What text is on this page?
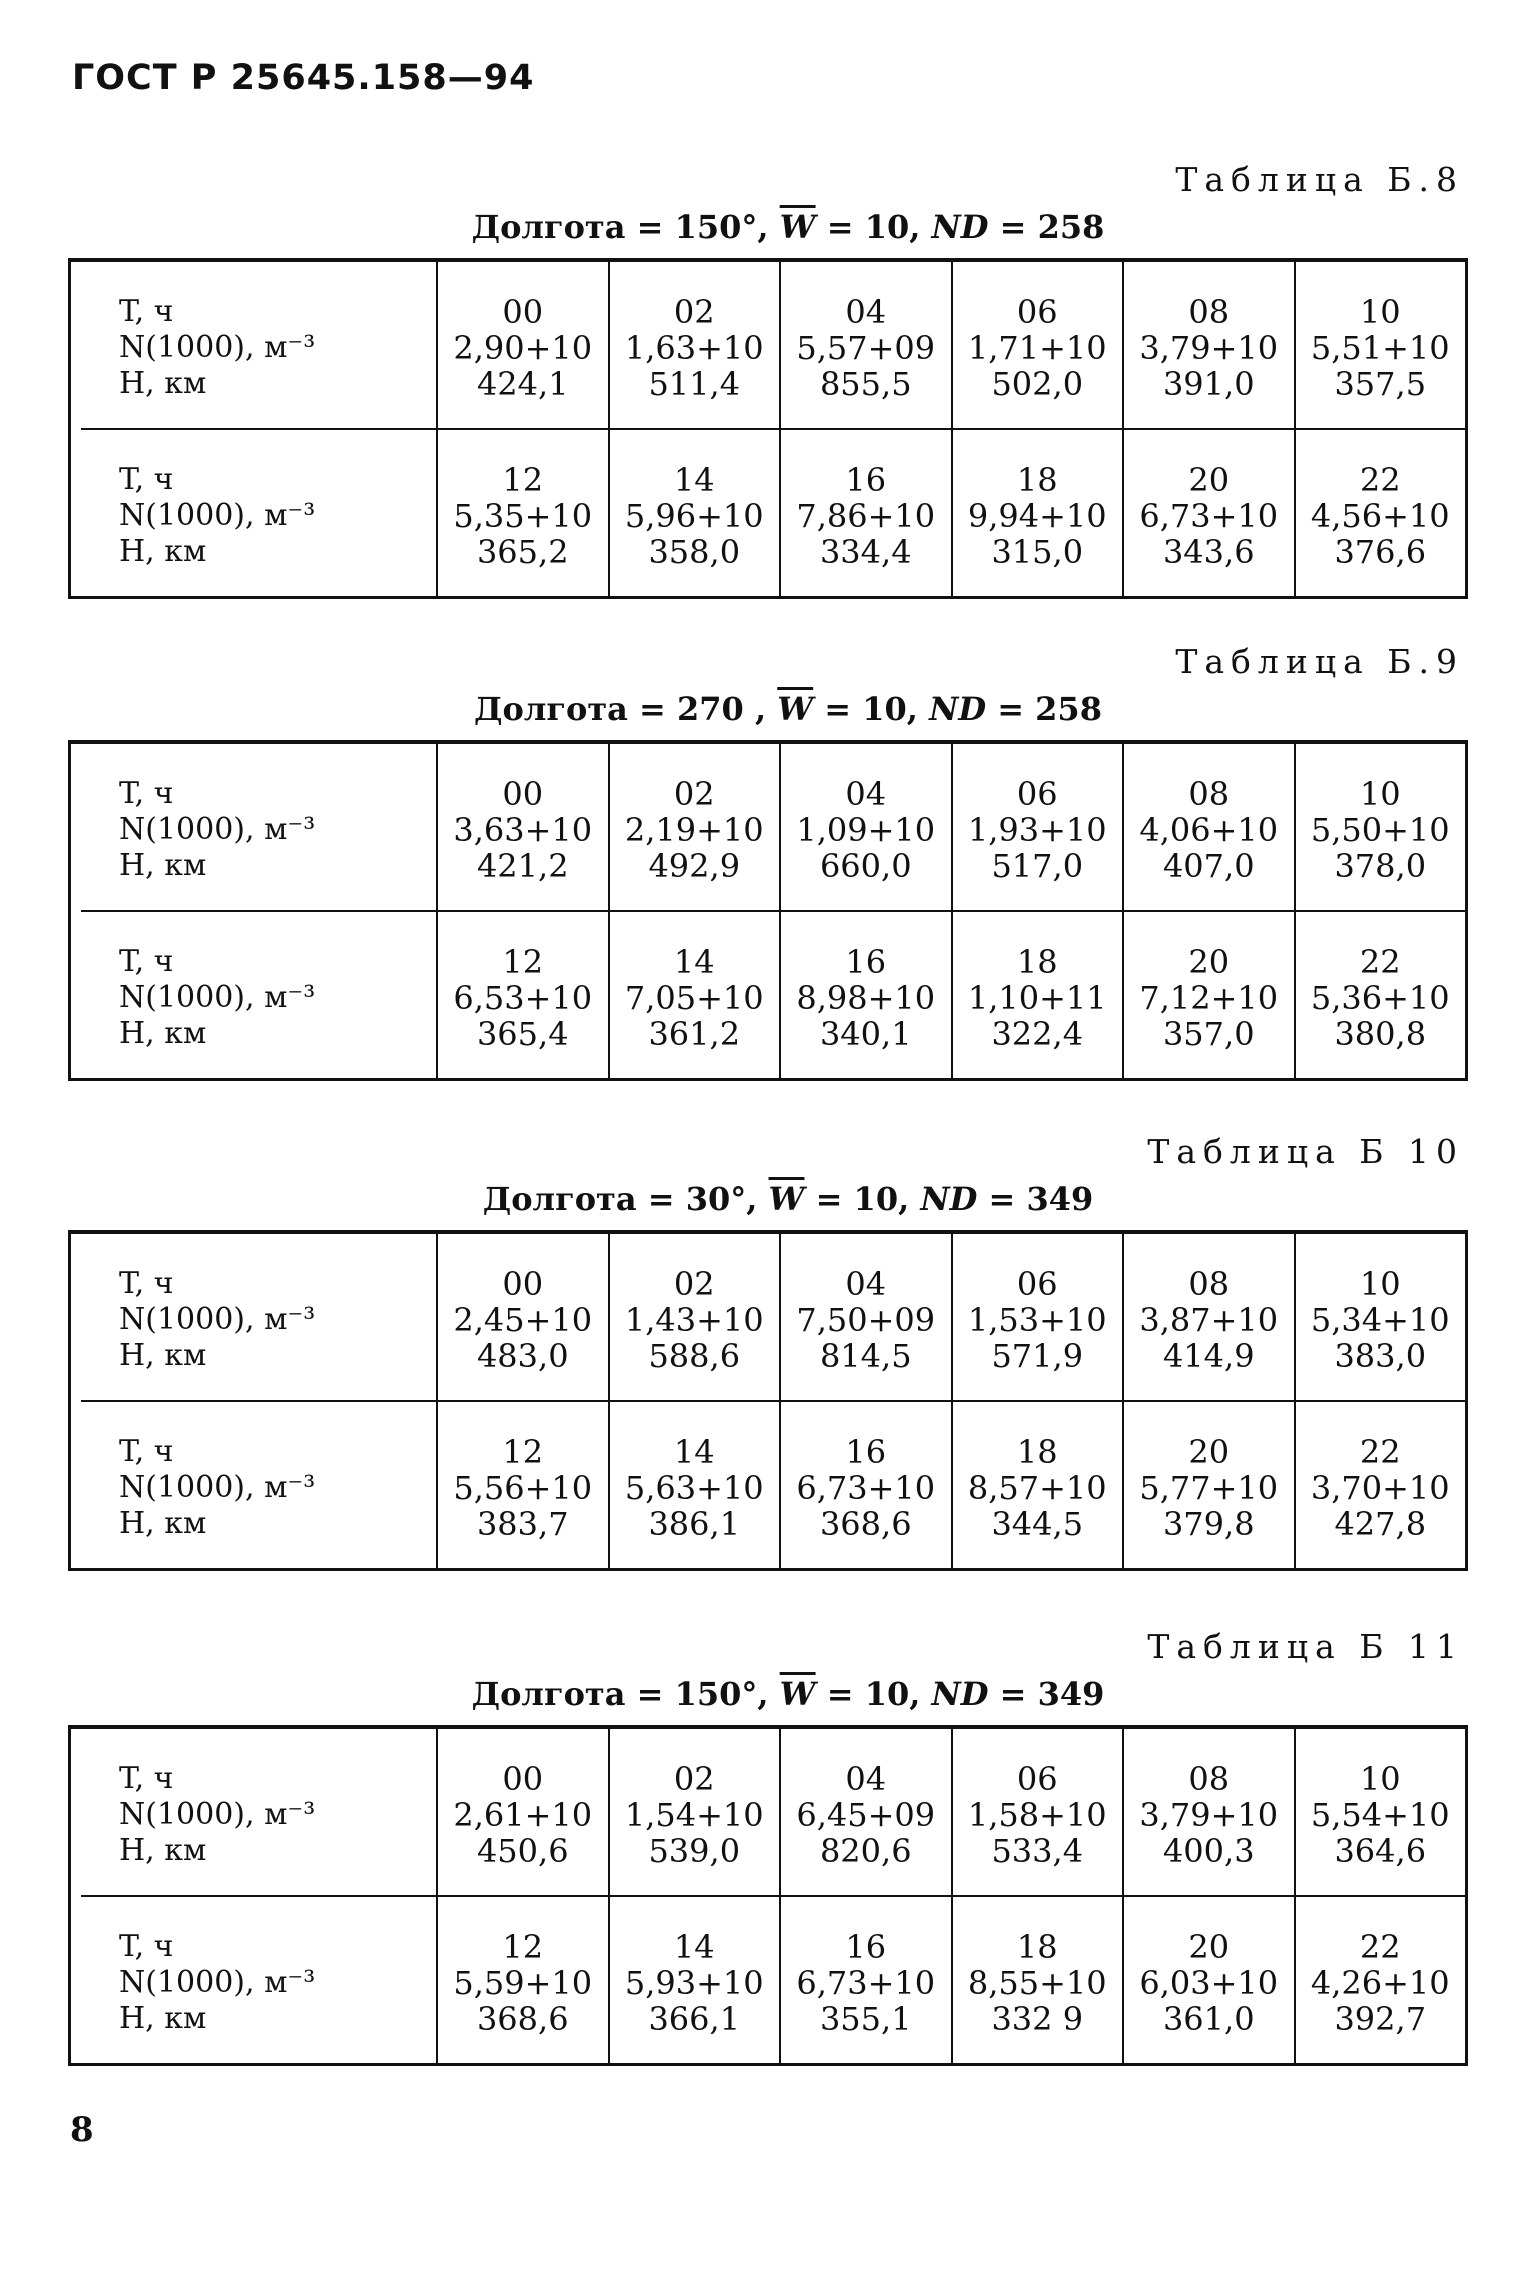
ГОСТ Р 25645.158—94
Таблица Б.8
Долгота = 150°, $\overline{W} = 10$, ND = 258
T, ч
N(1000), м⁻³
H, км
00
2,90+10
424,1
02
1,63+10
511,4
04
5,57+09
855,5
06
1,71+10
502,0
08
3,79+10
391,0
10
5,51+10
357,5
T, ч
N(1000), м⁻³
H, км
12
5,35+10
365,2
14
5,96+10
358,0
16
7,86+10
334,4
18
9,94+10
315,0
20
6,73+10
343,6
22
4,56+10
376,6
Таблица Б.9
Долгота = 270 , $\overline{W} = 10$, ND = 258
T, ч
N(1000), м⁻³
H, км
00
3,63+10
421,2
02
2,19+10
492,9
04
1,09+10
660,0
06
1,93+10
517,0
08
4,06+10
407,0
10
5,50+10
378,0
T, ч
N(1000), м⁻³
H, км
12
6,53+10
365,4
14
7,05+10
361,2
16
8,98+10
340,1
18
1,10+11
322,4
20
7,12+10
357,0
22
5,36+10
380,8
Таблица Б 10
Долгота = 30°, $\overline{W} = 10$, ND = 349
T, ч
N(1000), м⁻³
H, км
00
2,45+10
483,0
02
1,43+10
588,6
04
7,50+09
814,5
06
1,53+10
571,9
08
3,87+10
414,9
10
5,34+10
383,0
T, ч
N(1000), м⁻³
H, км
12
5,56+10
383,7
14
5,63+10
386,1
16
6,73+10
368,6
18
8,57+10
344,5
20
5,77+10
379,8
22
3,70+10
427,8
Таблица Б 11
Долгота = 150°, $\overline{W} = 10$, ND = 349
T, ч
N(1000), м⁻³
H, км
00
2,61+10
450,6
02
1,54+10
539,0
04
6,45+09
820,6
06
1,58+10
533,4
08
3,79+10
400,3
10
5,54+10
364,6
T, ч
N(1000), м⁻³
H, км
12
5,59+10
368,6
14
5,93+10
366,1
16
6,73+10
355,1
18
8,55+10
332 9
20
6,03+10
361,0
22
4,26+10
392,7
8
